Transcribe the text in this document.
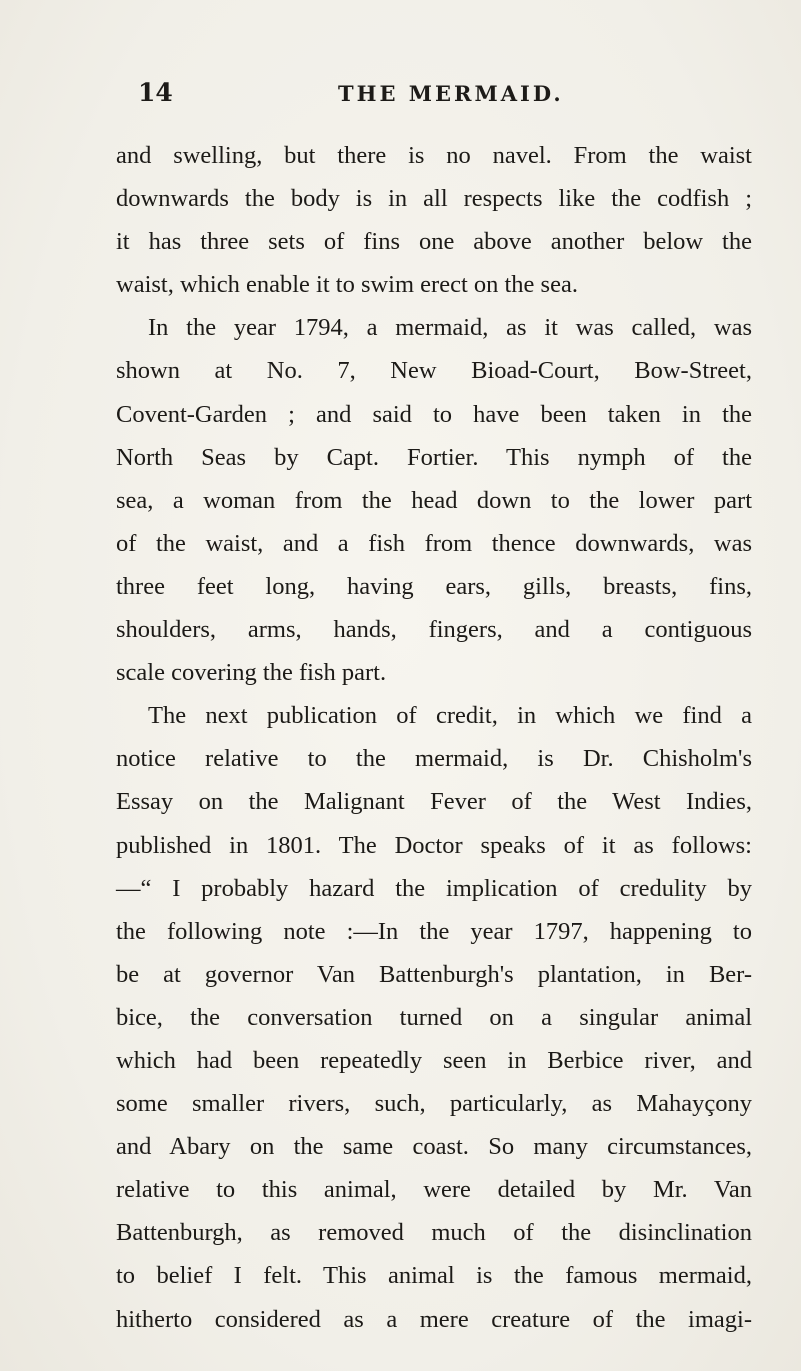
14	THE MERMAID.
and swelling, but there is no navel. From the waist
downwards the body is in all respects like the codfish ;
it has three sets of fins one above another below the
waist, which enable it to swim erect on the sea.
In the year 1794, a mermaid, as it was called, was
shown at No. 7, New Bioad-Court, Bow-Street,
Covent-Garden ; and said to have been taken in the
North Seas by Capt. Fortier. This nymph of the
sea, a woman from the head down to the lower part
of the waist, and a fish from thence downwards, was
three feet long, having ears, gills, breasts, fins,
shoulders, arms, hands, fingers, and a contiguous
scale covering the fish part.
The next publication of credit, in which we find a
notice relative to the mermaid, is Dr. Chisholm's
Essay on the Malignant Fever of the West Indies,
published in 1801. The Doctor speaks of it as follows:
—“ I probably hazard the implication of credulity by
the following note :—In the year 1797, happening to
be at governor Van Battenburgh's plantation, in Ber-
bice, the conversation turned on a singular animal
which had been repeatedly seen in Berbice river, and
some smaller rivers, such, particularly, as Mahayçony
and Abary on the same coast. So many circumstances,
relative to this animal, were detailed by Mr. Van
Battenburgh, as removed much of the disinclination
to belief I felt. This animal is the famous mermaid,
hitherto considered as a mere creature of the imagi-
